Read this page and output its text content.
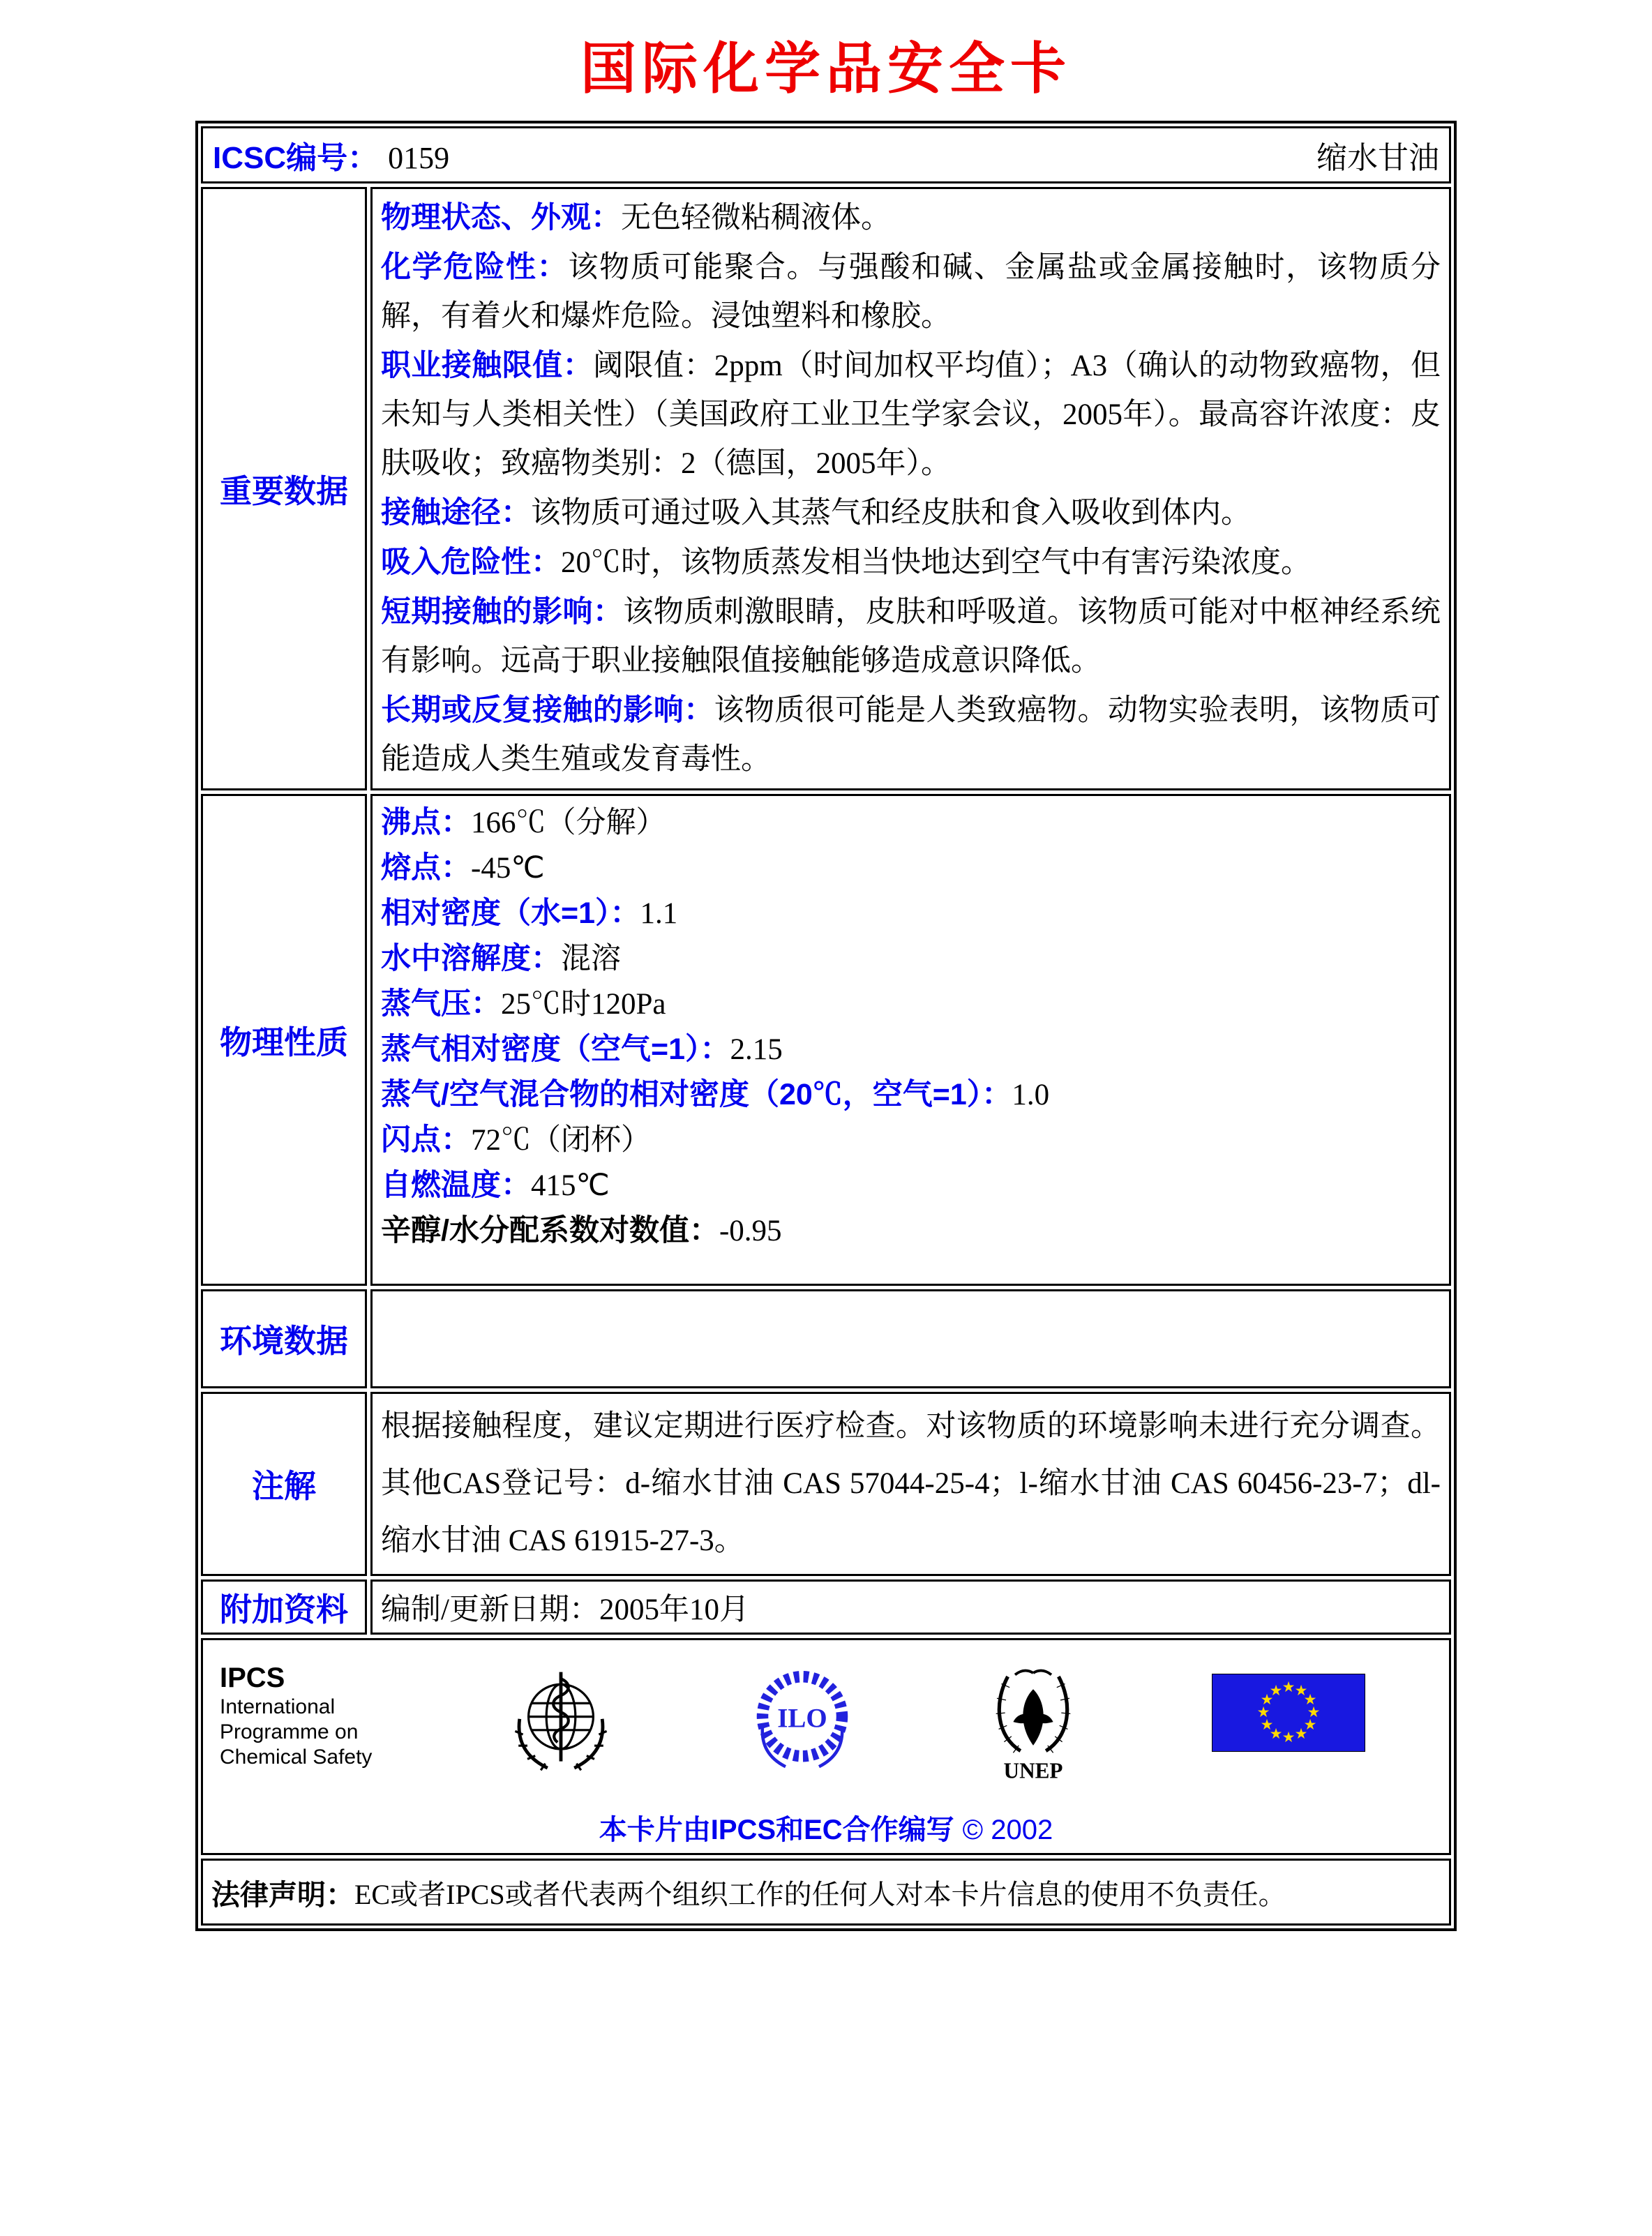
国际化学品安全卡
ICSC编号： 0159	缩水甘油
重要数据

物理状态、外观：无色轻微粘稠液体。

化学危险性：该物质可能聚合。与强酸和碱、金属盐或金属接触时，该物质分解，有着火和爆炸危险。浸蚀塑料和橡胶。

职业接触限值：阈限值：2ppm（时间加权平均值）；A3（确认的动物致癌物，但未知与人类相关性）（美国政府工业卫生学家会议，2005年）。最高容许浓度：皮肤吸收；致癌物类别：2（德国，2005年）。

接触途径：该物质可通过吸入其蒸气和经皮肤和食入吸收到体内。

吸入危险性：20℃时，该物质蒸发相当快地达到空气中有害污染浓度。

短期接触的影响：该物质刺激眼睛，皮肤和呼吸道。该物质可能对中枢神经系统有影响。远高于职业接触限值接触能够造成意识降低。

长期或反复接触的影响：该物质很可能是人类致癌物。动物实验表明，该物质可能造成人类生殖或发育毒性。

物理性质

沸点：166℃（分解）

熔点：-45℃

相对密度（水=1）：1.1

水中溶解度：混溶

蒸气压：25℃时120Pa

蒸气相对密度（空气=1）：2.15

蒸气/空气混合物的相对密度（20℃，空气=1）：1.0

闪点：72℃（闭杯）

自燃温度：415℃

辛醇/水分配系数对数值：-0.95

环境数据
注解

根据接触程度，建议定期进行医疗检查。对该物质的环境影响未进行充分调查。其他CAS登记号：d-缩水甘油 CAS 57044-25-4；l-缩水甘油 CAS 60456-23-7；dl-缩水甘油 CAS 61915-27-3。

附加资料	编制/更新日期：2005年10月
IPCS
International
Programme on
Chemical Safety
ILO
UNEP
★ ★
★
★
★
★
★
★
★
★
★
★
本卡片由IPCS和EC合作编写 © 2002
法律声明： EC或者IPCS或者代表两个组织工作的任何人对本卡片信息的使用不负责任。
